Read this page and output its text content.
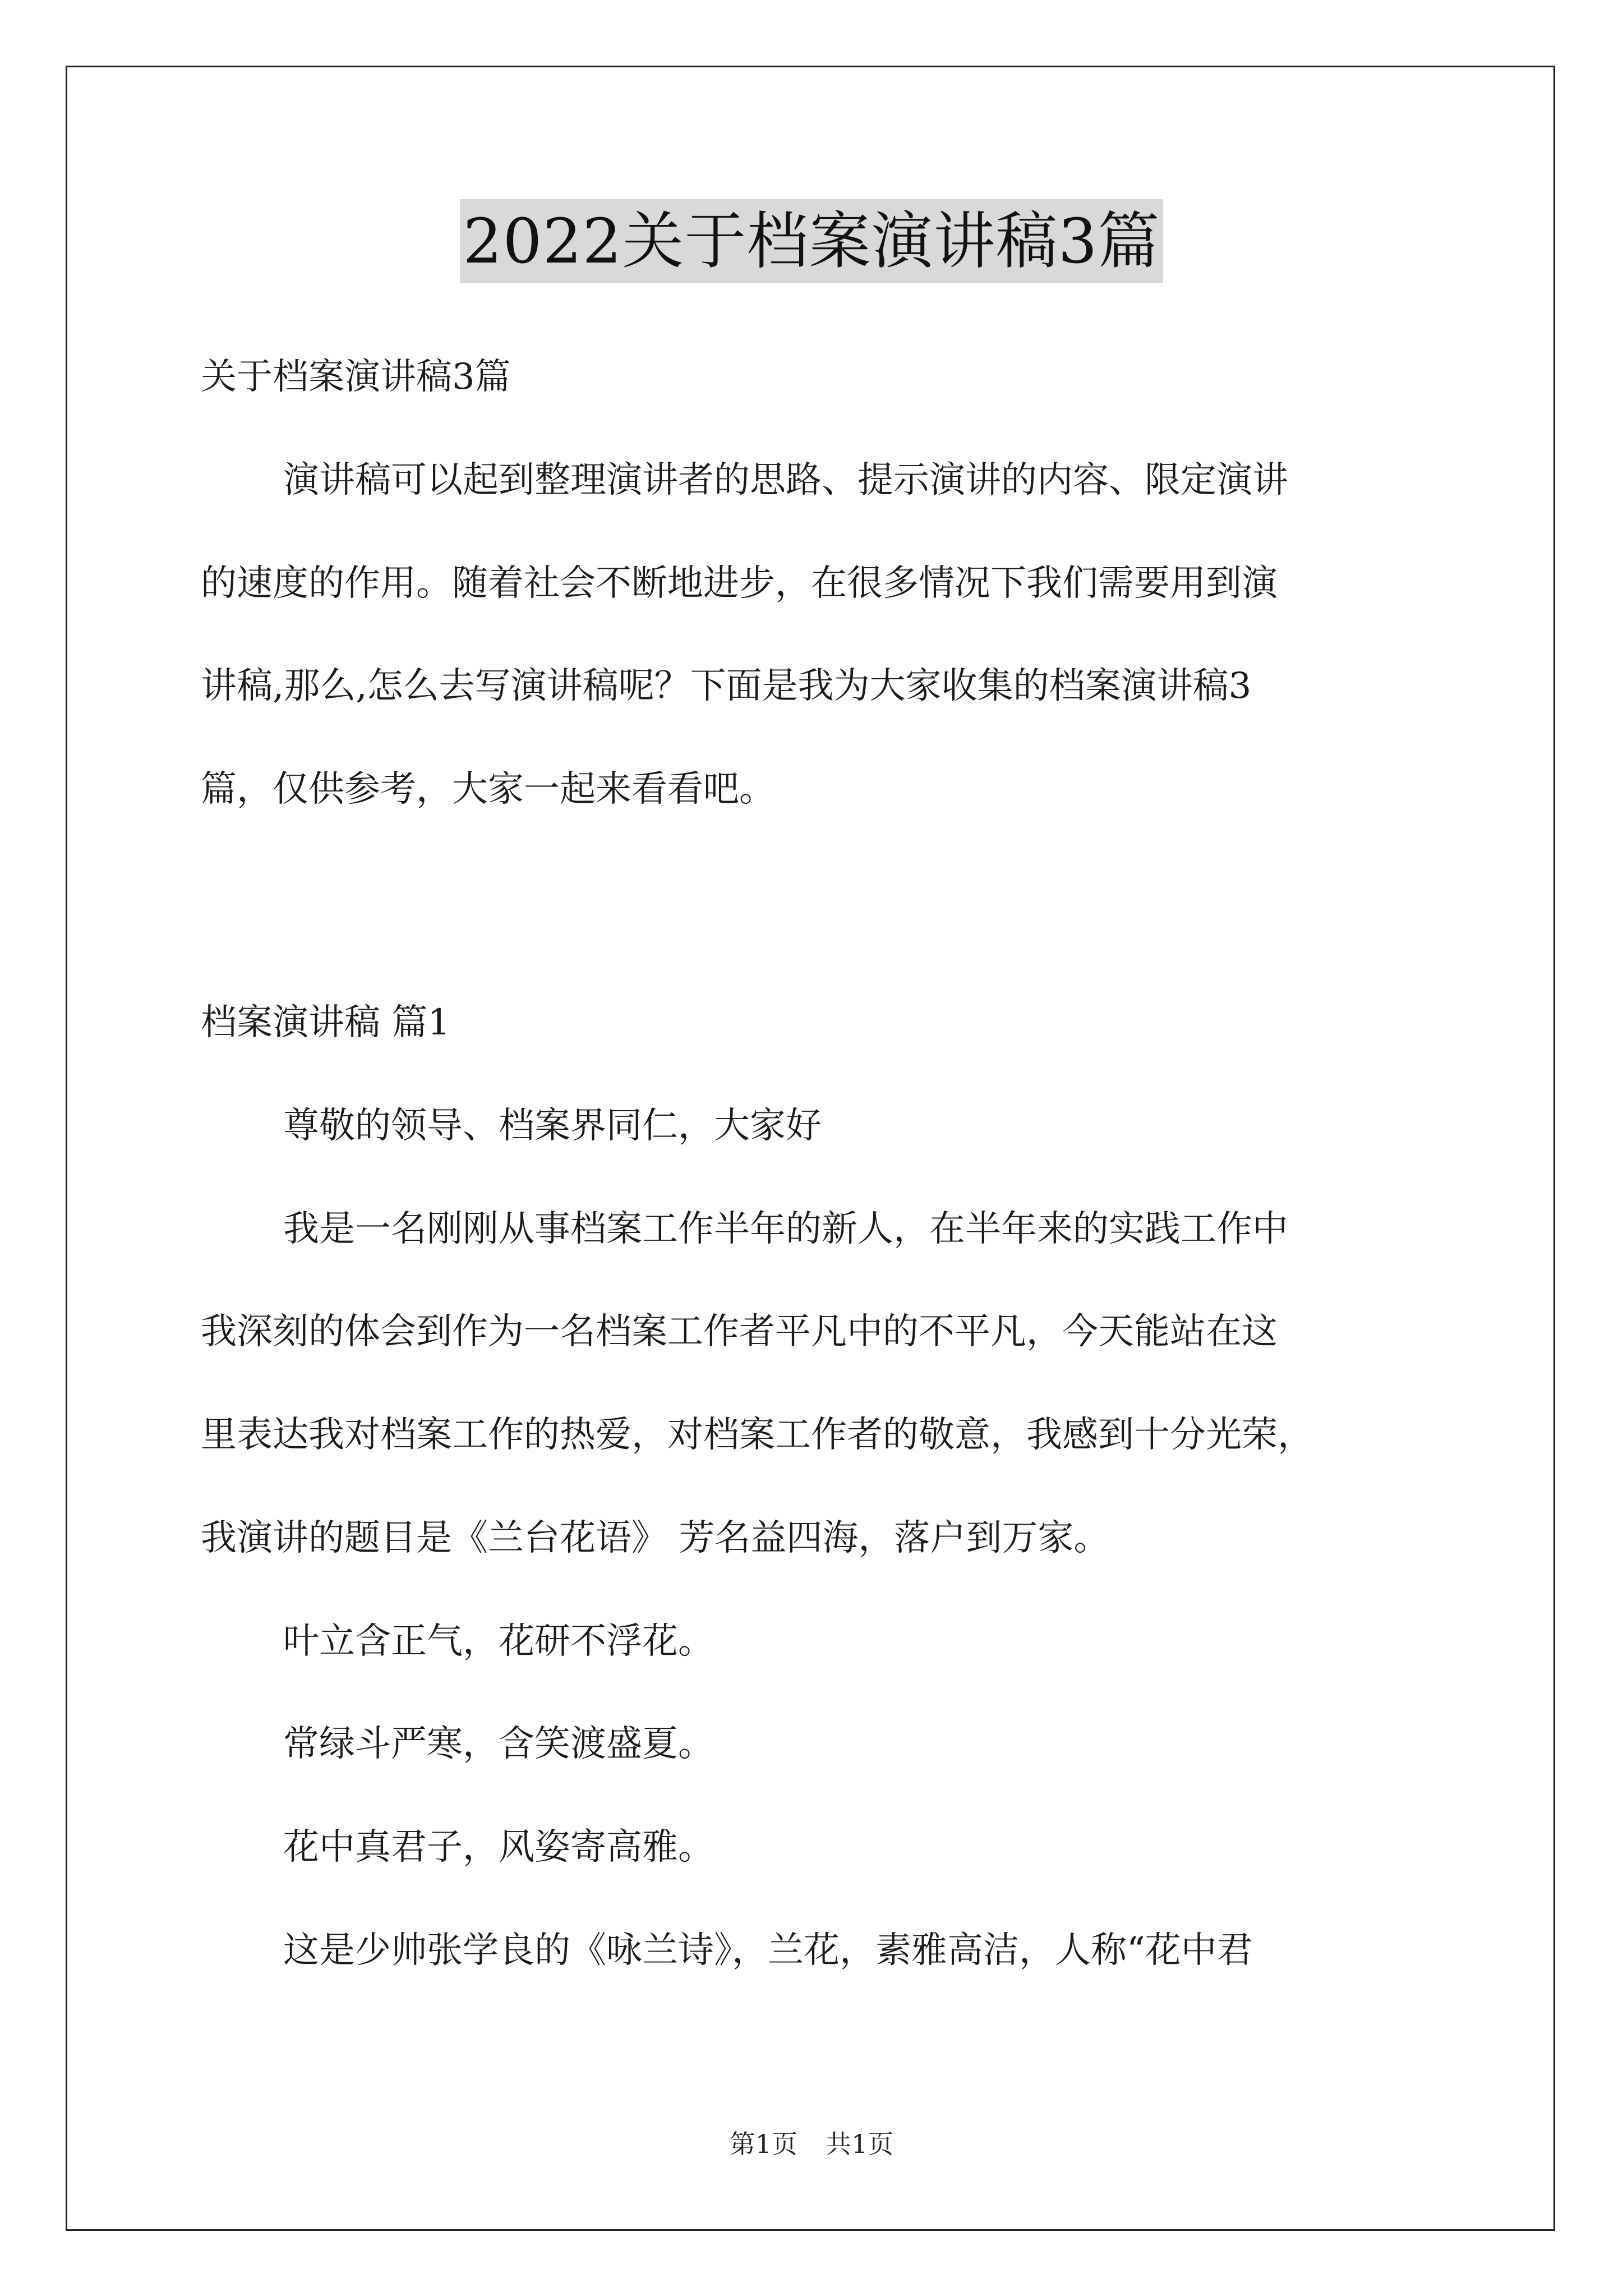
2022关于档案演讲稿3篇
关于档案演讲稿3篇
演讲稿可以起到整理演讲者的思路、提示演讲的内容、限定演讲
的速度的作用。随着社会不断地进步，在很多情况下我们需要用到演
讲稿,那么,怎么去写演讲稿呢？下面是我为大家收集的档案演讲稿3
篇，仅供参考，大家一起来看看吧。
档案演讲稿 篇1
尊敬的领导、档案界同仁，大家好
我是一名刚刚从事档案工作半年的新人，在半年来的实践工作中
我深刻的体会到作为一名档案工作者平凡中的不平凡，今天能站在这
里表达我对档案工作的热爱，对档案工作者的敬意，我感到十分光荣，
我演讲的题目是《兰台花语》 芳名益四海，落户到万家。
叶立含正气，花研不浮花。
常绿斗严寒，含笑渡盛夏。
花中真君子，风姿寄高雅。
这是少帅张学良的《咏兰诗》，兰花，素雅高洁，人称“花中君
第1页 共1页
